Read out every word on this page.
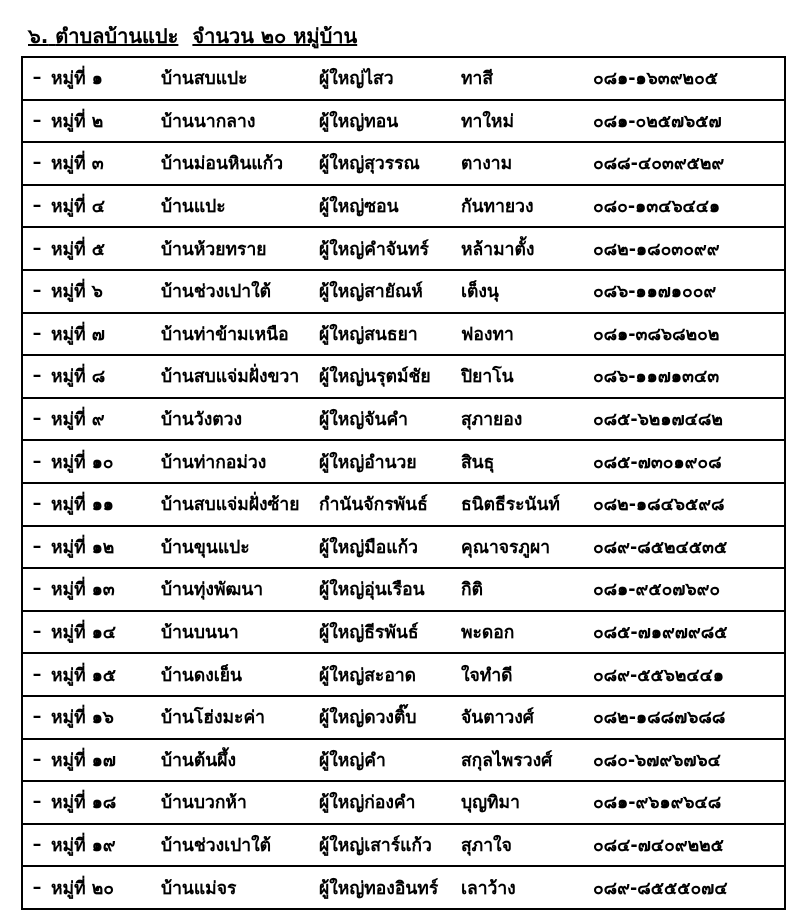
๖. ตำบลบ้านแปะ จำนวน ๒๐ หมู่บ้าน
–	หมู่ที่ ๑	บ้านสบแปะ	ผู้ใหญ่ไสว	ทาสี	๐๘๑-๑๖๓๙๒๐๕
–	หมู่ที่ ๒	บ้านนากลาง	ผู้ใหญ่ทอน	ทาใหม่	๐๘๑-๐๒๕๗๖๕๗
–	หมู่ที่ ๓	บ้านม่อนหินแก้ว	ผู้ใหญ่สุวรรณ	ตางาม	๐๘๘-๔๐๓๙๕๒๙
–	หมู่ที่ ๔	บ้านแปะ	ผู้ใหญ่ซอน	กันทายวง	๐๘๐-๑๓๔๖๔๔๑
–	หมู่ที่ ๕	บ้านห้วยทราย	ผู้ใหญ่คำจันทร์	หล้ามาตั้ง	๐๘๒-๑๘๐๓๐๙๙
–	หมู่ที่ ๖	บ้านช่วงเปาใต้	ผู้ใหญ่สายัณห์	เต็งนุ	๐๘๖-๑๑๗๑๐๐๙
–	หมู่ที่ ๗	บ้านท่าข้ามเหนือ	ผู้ใหญ่สนธยา	ฟองทา	๐๘๑-๓๘๖๘๒๐๒
–	หมู่ที่ ๘	บ้านสบแจ่มฝั่งขวา	ผู้ใหญ่นรุตม์ชัย	ปิยาโน	๐๘๖-๑๑๗๑๓๔๓
–	หมู่ที่ ๙	บ้านวังตวง	ผู้ใหญ่จันคำ	สุภายอง	๐๘๕-๖๒๑๗๔๘๒
–	หมู่ที่ ๑๐	บ้านท่ากอม่วง	ผู้ใหญ่อำนวย	สินธุ	๐๘๕-๗๓๐๑๙๐๘
–	หมู่ที่ ๑๑	บ้านสบแจ่มฝั่งซ้าย	กำนันจักรพันธ์	ธนิตธีระนันท์	๐๘๒-๑๘๔๖๕๙๘
–	หมู่ที่ ๑๒	บ้านขุนแปะ	ผู้ใหญ่มือแก้ว	คุณาจรภูผา	๐๘๙-๘๕๒๔๕๓๕
–	หมู่ที่ ๑๓	บ้านทุ่งพัฒนา	ผู้ใหญ่อุ่นเรือน	กิติ	๐๘๑-๙๕๐๗๖๙๐
–	หมู่ที่ ๑๔	บ้านบนนา	ผู้ใหญ่ธีรพันธ์	พะดอก	๐๘๕-๗๑๙๗๙๘๕
–	หมู่ที่ ๑๕	บ้านดงเย็น	ผู้ใหญ่สะอาด	ใจทำดี	๐๘๙-๕๕๖๒๔๔๑
–	หมู่ที่ ๑๖	บ้านโฮ่งมะค่า	ผู้ใหญ่ดวงติ๊บ	จันตาวงศ์	๐๘๒-๑๘๘๗๖๘๘
–	หมู่ที่ ๑๗	บ้านต้นผึ้ง	ผู้ใหญ่คำ	สกุลไพรวงศ์	๐๘๐-๖๗๙๖๗๖๔
–	หมู่ที่ ๑๘	บ้านบวกห้า	ผู้ใหญ่ก่องคำ	บุญทิมา	๐๘๑-๙๖๑๙๖๔๘
–	หมู่ที่ ๑๙	บ้านช่วงเปาใต้	ผู้ใหญ่เสาร์แก้ว	สุภาใจ	๐๘๔-๗๔๐๙๒๒๕
–	หมู่ที่ ๒๐	บ้านแม่จร	ผู้ใหญ่ทองอินทร์	เลาว้าง	๐๘๙-๘๕๕๕๐๗๔
